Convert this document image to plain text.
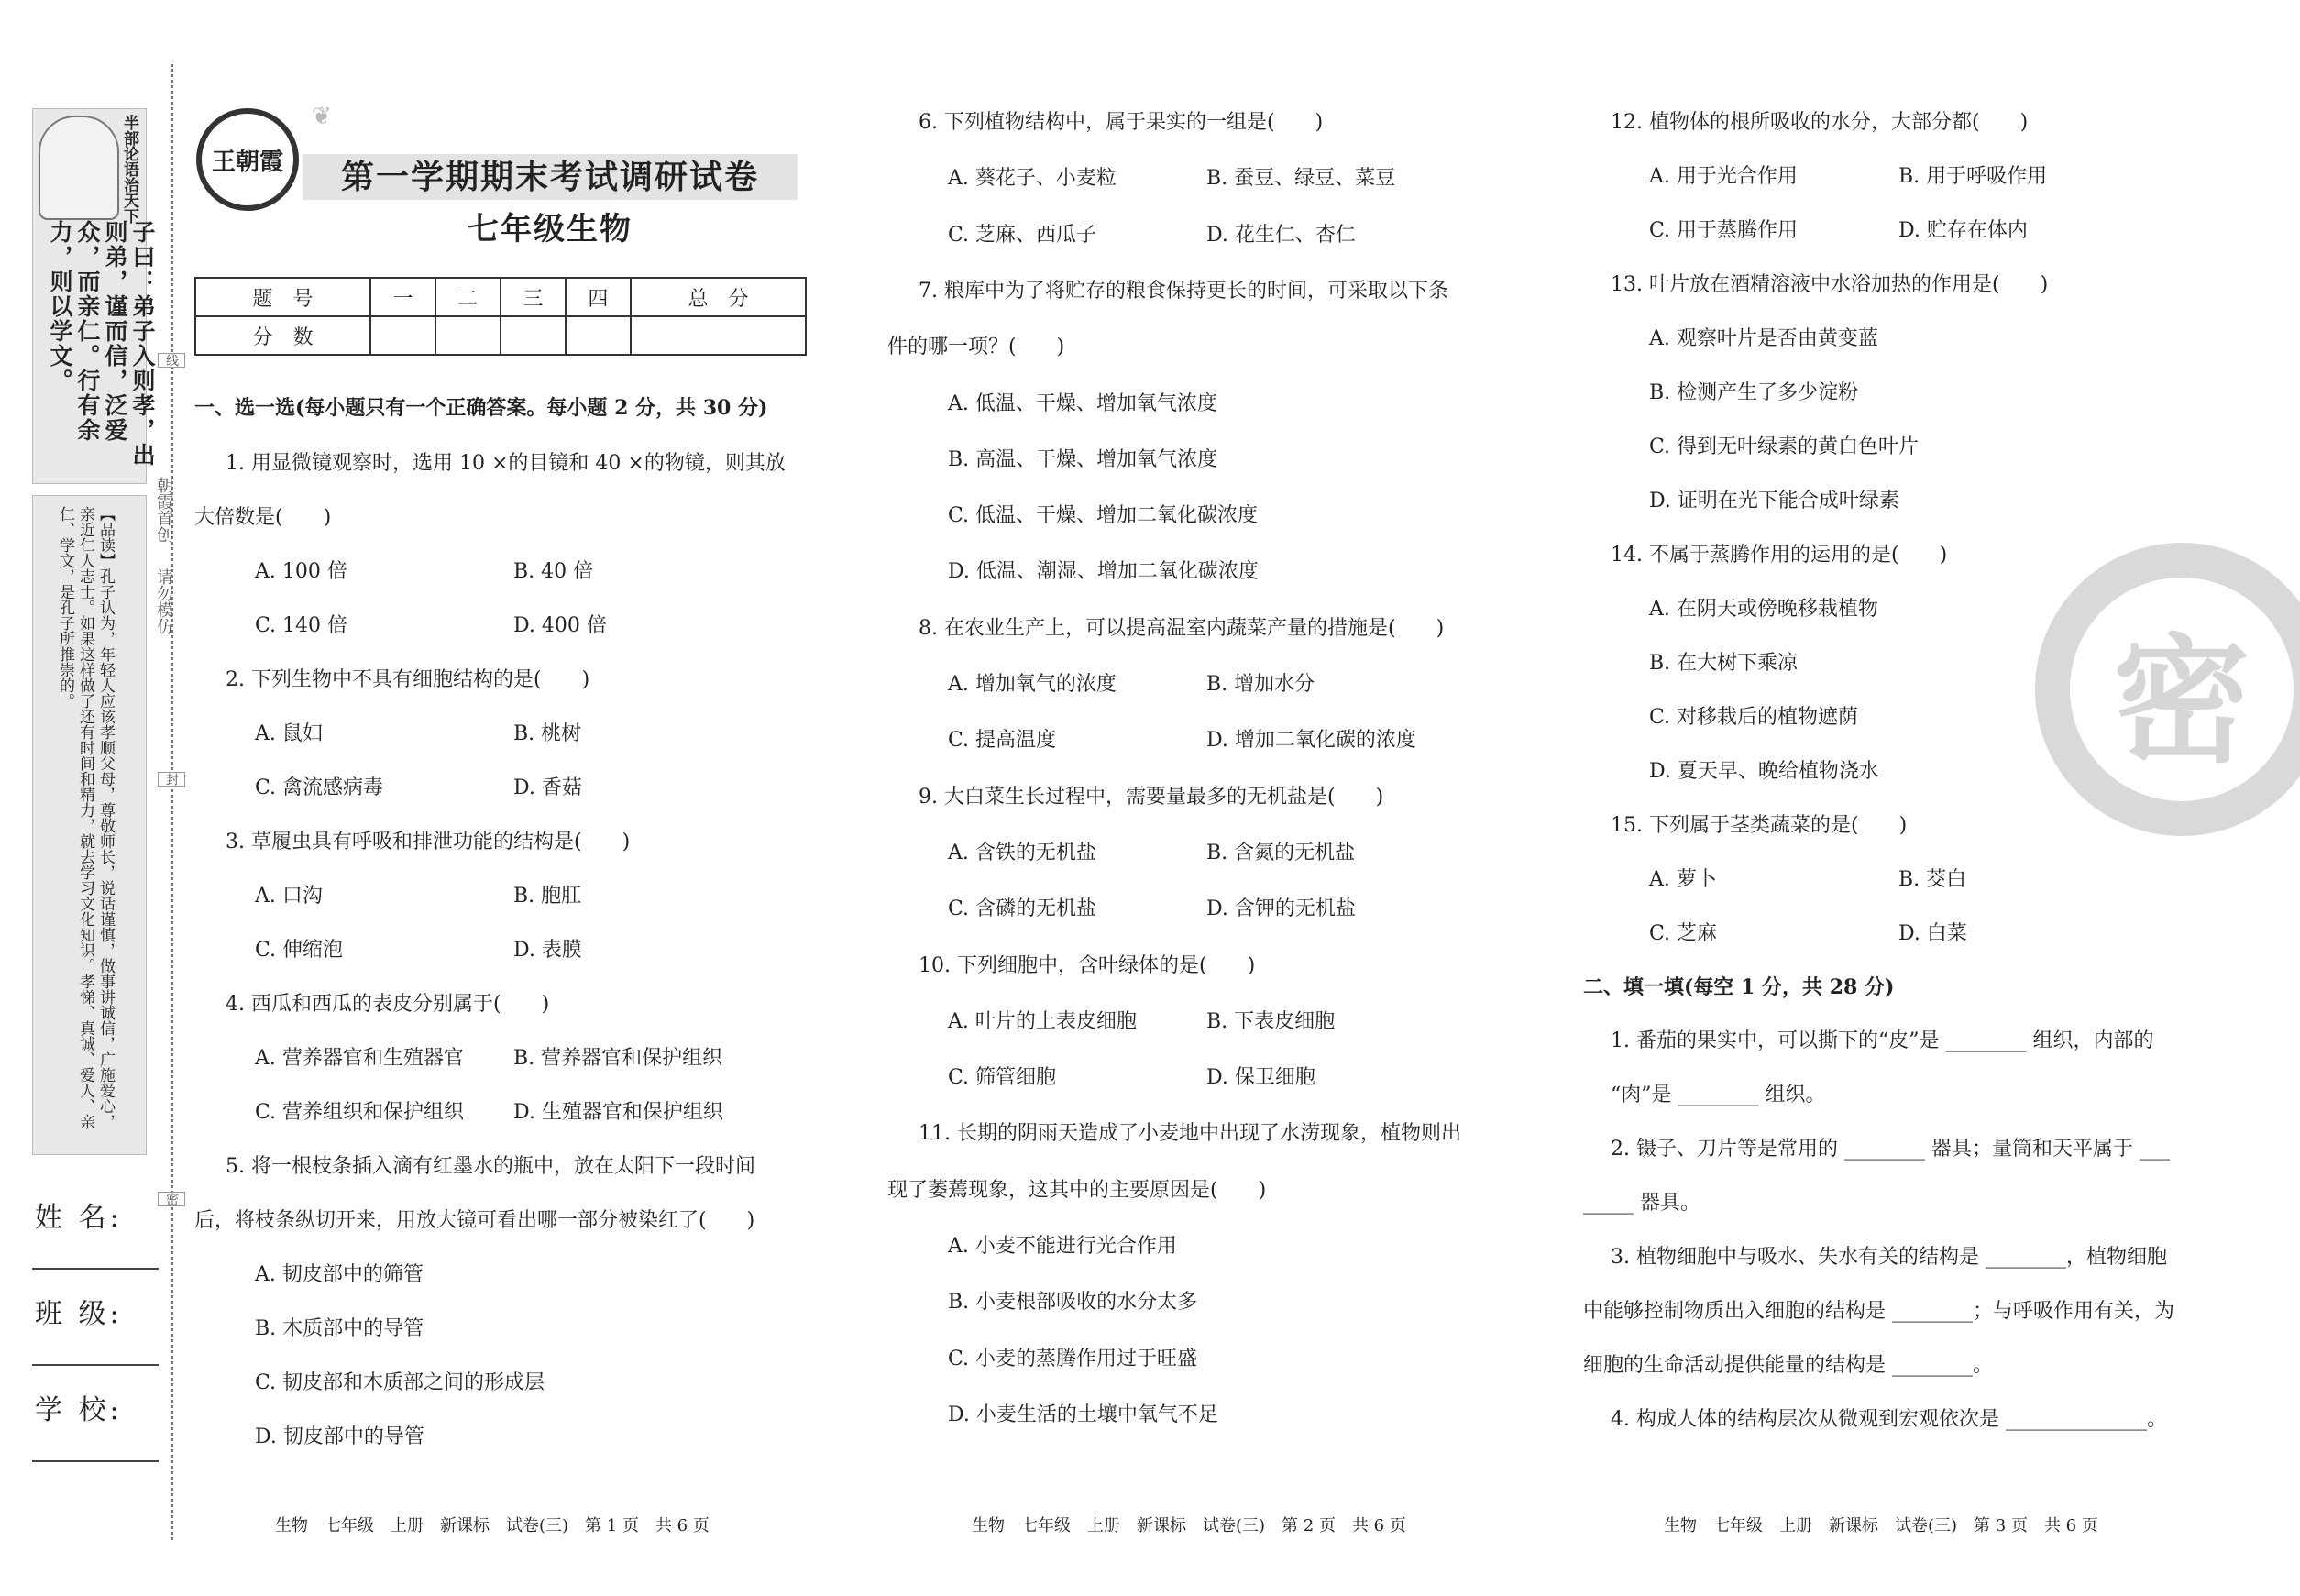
半部论语治天下
子曰：弟子入则孝，出则弟，谨而信，泛爱众，而亲仁。行有余力，则以学文。
【品读】孔子认为，年轻人应该孝顺父母，尊敬师长，说话谨慎，做事讲诚信，广施爱心，亲近仁人志士。如果这样做了还有时间和精力，就去学习文化知识。孝悌、真诚、爱人、亲仁、学文，是孔子所推崇的。
线
朝霞首创
请勿模仿
封
密
姓 名:
班 级:
学 校:
王朝霞
❦
第一学期期末考试调研试卷
七年级生物
题　号	一	二	三	四	总　分
分　数					
一、选一选(每小题只有一个正确答案。每小题 2 分，共 30 分)
1. 用显微镜观察时，选用 10 ×的目镜和 40 ×的物镜，则其放
大倍数是(　　)
A. 100 倍	B. 40 倍
C. 140 倍	D. 400 倍
2. 下列生物中不具有细胞结构的是(　　)
A. 鼠妇	B. 桃树
C. 禽流感病毒	D. 香菇
3. 草履虫具有呼吸和排泄功能的结构是(　　)
A. 口沟	B. 胞肛
C. 伸缩泡	D. 表膜
4. 西瓜和西瓜的表皮分别属于(　　)
A. 营养器官和生殖器官 B. 营养器官和保护组织
C. 营养组织和保护组织 D. 生殖器官和保护组织
5. 将一根枝条插入滴有红墨水的瓶中，放在太阳下一段时间
后，将枝条纵切开来，用放大镜可看出哪一部分被染红了(　　)
A. 韧皮部中的筛管
B. 木质部中的导管
C. 韧皮部和木质部之间的形成层
D. 韧皮部中的导管
6. 下列植物结构中，属于果实的一组是(　　)
A. 葵花子、小麦粒	B. 蚕豆、绿豆、菜豆
C. 芝麻、西瓜子	D. 花生仁、杏仁
7. 粮库中为了将贮存的粮食保持更长的时间，可采取以下条
件的哪一项？(　　)
A. 低温、干燥、增加氧气浓度
B. 高温、干燥、增加氧气浓度
C. 低温、干燥、增加二氧化碳浓度
D. 低温、潮湿、增加二氧化碳浓度
8. 在农业生产上，可以提高温室内蔬菜产量的措施是(　　)
A. 增加氧气的浓度	B. 增加水分
C. 提高温度	D. 增加二氧化碳的浓度
9. 大白菜生长过程中，需要量最多的无机盐是(　　)
A. 含铁的无机盐	B. 含氮的无机盐
C. 含磷的无机盐	D. 含钾的无机盐
10. 下列细胞中，含叶绿体的是(　　)
A. 叶片的上表皮细胞	B. 下表皮细胞
C. 筛管细胞	D. 保卫细胞
11. 长期的阴雨天造成了小麦地中出现了水涝现象，植物则出
现了萎蔫现象，这其中的主要原因是(　　)
A. 小麦不能进行光合作用
B. 小麦根部吸收的水分太多
C. 小麦的蒸腾作用过于旺盛
D. 小麦生活的土壤中氧气不足
12. 植物体的根所吸收的水分，大部分都(　　)
A. 用于光合作用	B. 用于呼吸作用
C. 用于蒸腾作用	D. 贮存在体内
13. 叶片放在酒精溶液中水浴加热的作用是(　　)
A. 观察叶片是否由黄变蓝
B. 检测产生了多少淀粉
C. 得到无叶绿素的黄白色叶片
D. 证明在光下能合成叶绿素
14. 不属于蒸腾作用的运用的是(　　)
A. 在阴天或傍晚移栽植物
B. 在大树下乘凉
C. 对移栽后的植物遮荫
D. 夏天早、晚给植物浇水
15. 下列属于茎类蔬菜的是(　　)
A. 萝卜	B. 茭白
C. 芝麻	D. 白菜
二、填一填(每空 1 分，共 28 分)
1. 番茄的果实中，可以撕下的“皮”是 ________ 组织，内部的
“肉”是 ________ 组织。
2. 镊子、刀片等是常用的 ________ 器具；量筒和天平属于 ___
_____ 器具。
3. 植物细胞中与吸水、失水有关的结构是 ________，植物细胞
中能够控制物质出入细胞的结构是 ________；与呼吸作用有关，为
细胞的生命活动提供能量的结构是 ________。
4. 构成人体的结构层次从微观到宏观依次是 ______________。
密
生物　七年级　上册　新课标　试卷(三)　第 1 页　共 6 页	生物　七年级　上册　新课标　试卷(三)　第 2 页　共 6 页	生物　七年级　上册　新课标　试卷(三)　第 3 页　共 6 页
